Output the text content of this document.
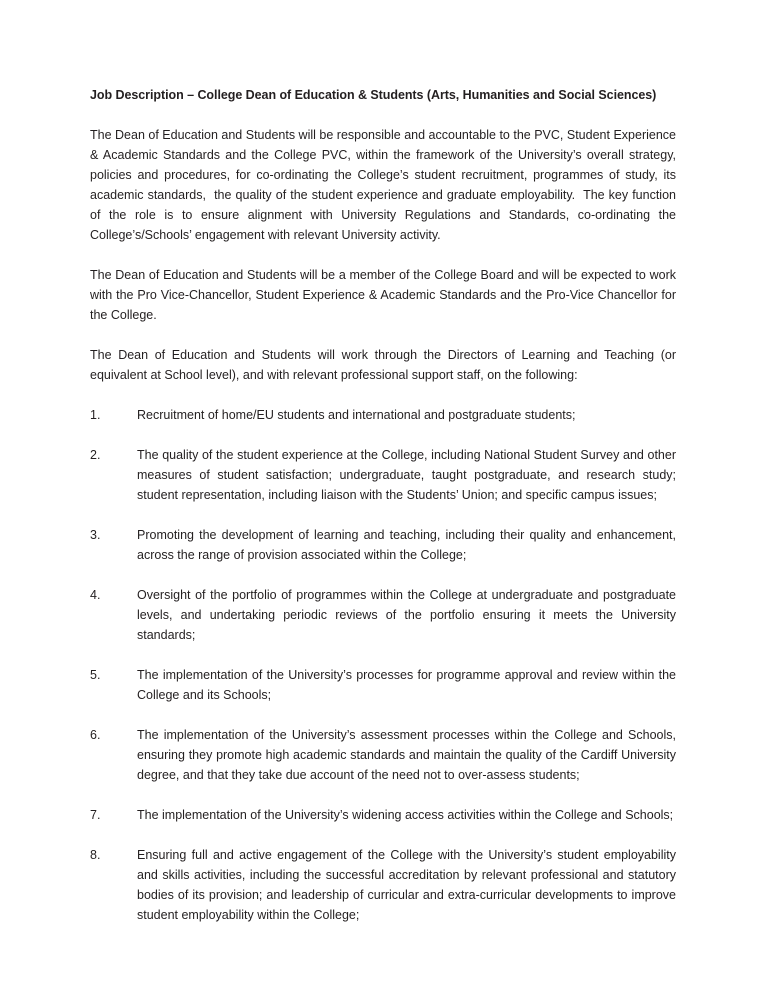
Job Description – College Dean of Education & Students (Arts, Humanities and Social Sciences)

The Dean of Education and Students will be responsible and accountable to the PVC, Student Experience & Academic Standards and the College PVC, within the framework of the University’s overall strategy, policies and procedures, for co-ordinating the College’s student recruitment, programmes of study, its academic standards,  the quality of the student experience and graduate employability.  The key function of the role is to ensure alignment with University Regulations and Standards, co-ordinating the College’s/Schools’ engagement with relevant University activity.

The Dean of Education and Students will be a member of the College Board and will be expected to work with the Pro Vice-Chancellor, Student Experience & Academic Standards and the Pro-Vice Chancellor for the College.

The Dean of Education and Students will work through the Directors of Learning and Teaching (or equivalent at School level), and with relevant professional support staff, on the following:

1.	Recruitment of home/EU students and international and postgraduate students;
2.	The quality of the student experience at the College, including National Student Survey and other measures of student satisfaction; undergraduate, taught postgraduate, and research study; student representation, including liaison with the Students’ Union; and specific campus issues;
3.	Promoting the development of learning and teaching, including their quality and enhancement, across the range of provision associated within the College;
4.	Oversight of the portfolio of programmes within the College at undergraduate and postgraduate levels, and undertaking periodic reviews of the portfolio ensuring it meets the University standards;
5.	The implementation of the University’s processes for programme approval and review within the College and its Schools;
6.	The implementation of the University’s assessment processes within the College and Schools, ensuring they promote high academic standards and maintain the quality of the Cardiff University degree, and that they take due account of the need not to over-assess students;
7.	The implementation of the University’s widening access activities within the College and Schools;
8.	Ensuring full and active engagement of the College with the University’s student employability and skills activities, including the successful accreditation by relevant professional and statutory bodies of its provision; and leadership of curricular and extra-curricular developments to improve student employability within the College;
